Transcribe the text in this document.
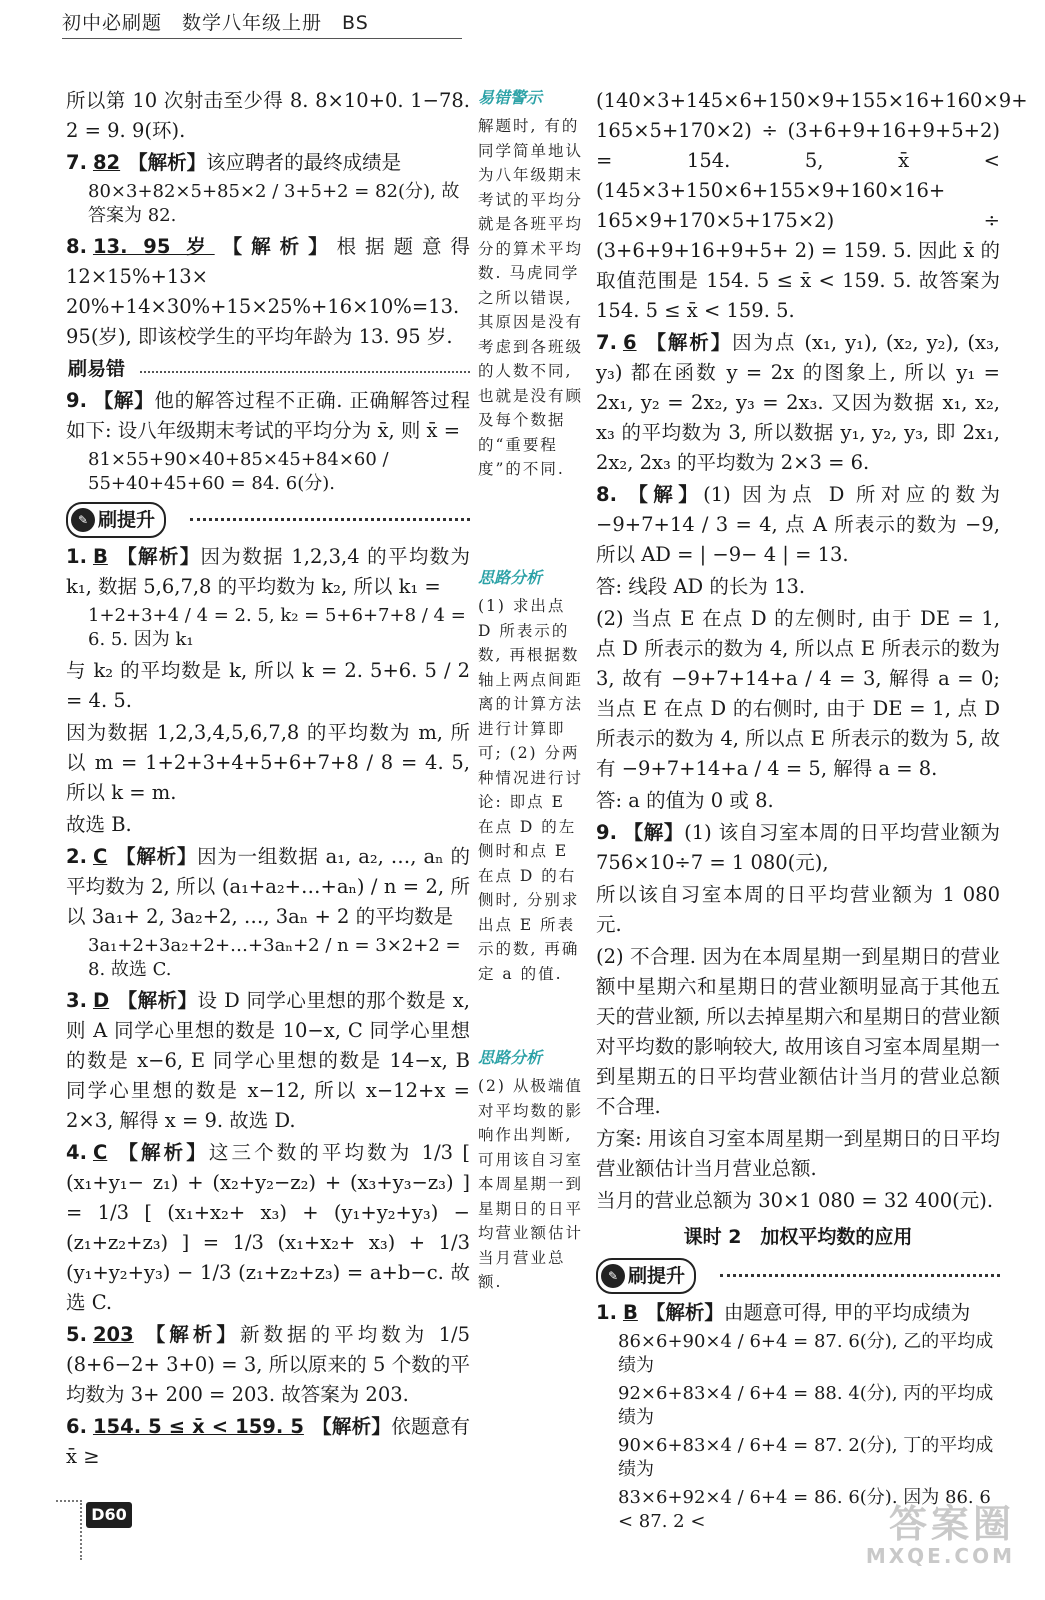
初中必刷题　数学八年级上册　BS
所以第 10 次射击至少得 8. 8×10+0. 1−78. 2 = 9. 9(环).
7. 82 【解析】该应聘者的最终成绩是
80×3+82×5+85×2 / 3+5+2 = 82(分), 故答案为 82.
8. 13. 95 岁 【解析】根据题意得 12×15%+13× 20%+14×30%+15×25%+16×10%=13. 95(岁), 即该校学生的平均年龄为 13. 95 岁.
刷易错
9. 【解】他的解答过程不正确. 正确解答过程如下: 设八年级期末考试的平均分为 x̄, 则 x̄ =
81×55+90×40+85×45+84×60 / 55+40+45+60 = 84. 6(分).
✎ 刷提升
1. B 【解析】因为数据 1,2,3,4 的平均数为 k₁, 数据 5,6,7,8 的平均数为 k₂, 所以 k₁ =
1+2+3+4 / 4 = 2. 5, k₂ = 5+6+7+8 / 4 = 6. 5. 因为 k₁
与 k₂ 的平均数是 k, 所以 k = 2. 5+6. 5 / 2 = 4. 5.
因为数据 1,2,3,4,5,6,7,8 的平均数为 m, 所以 m = 1+2+3+4+5+6+7+8 / 8 = 4. 5, 所以 k = m.
故选 B.
2. C 【解析】因为一组数据 a₁, a₂, …, aₙ 的平均数为 2, 所以 (a₁+a₂+…+aₙ) / n = 2, 所以 3a₁+ 2, 3a₂+2, …, 3aₙ + 2 的平均数是
3a₁+2+3a₂+2+…+3aₙ+2 / n = 3×2+2 = 8. 故选 C.
3. D 【解析】设 D 同学心里想的那个数是 x, 则 A 同学心里想的数是 10−x, C 同学心里想的数是 x−6, E 同学心里想的数是 14−x, B 同学心里想的数是 x−12, 所以 x−12+x = 2×3, 解得 x = 9. 故选 D.
4. C 【解析】这三个数的平均数为 1/3 [ (x₁+y₁− z₁) + (x₂+y₂−z₂) + (x₃+y₃−z₃) ] = 1/3 [ (x₁+x₂+ x₃) + (y₁+y₂+y₃) − (z₁+z₂+z₃) ] = 1/3 (x₁+x₂+ x₃) + 1/3 (y₁+y₂+y₃) − 1/3 (z₁+z₂+z₃) = a+b−c. 故选 C.
5. 203 【解析】新数据的平均数为 1/5 (8+6−2+ 3+0) = 3, 所以原来的 5 个数的平均数为 3+ 200 = 203. 故答案为 203.
6. 154. 5 ≤ x̄ < 159. 5 【解析】依题意有 x̄ ≥
易错警示
解题时, 有的同学简单地认为八年级期末考试的平均分就是各班平均分的算术平均数. 马虎同学之所以错误, 其原因是没有考虑到各班级的人数不同, 也就是没有顾及每个数据的“重要程度”的不同.
思路分析
(1) 求出点 D 所表示的数, 再根据数轴上两点间距离的计算方法进行计算即可; (2) 分两种情况进行讨论: 即点 E 在点 D 的左侧时和点 E 在点 D 的右侧时, 分别求出点 E 所表示的数, 再确定 a 的值.
思路分析
(2) 从极端值对平均数的影响作出判断, 可用该自习室本周星期一到星期日的日平均营业额估计当月营业总额.
(140×3+145×6+150×9+155×16+160×9+ 165×5+170×2) ÷ (3+6+9+16+9+5+2) = 154. 5, x̄ < (145×3+150×6+155×9+160×16+ 165×9+170×5+175×2) ÷ (3+6+9+16+9+5+ 2) = 159. 5. 因此 x̄ 的取值范围是 154. 5 ≤ x̄ < 159. 5. 故答案为 154. 5 ≤ x̄ < 159. 5.
7. 6 【解析】因为点 (x₁, y₁), (x₂, y₂), (x₃, y₃) 都在函数 y = 2x 的图象上, 所以 y₁ = 2x₁, y₂ = 2x₂, y₃ = 2x₃. 又因为数据 x₁, x₂, x₃ 的平均数为 3, 所以数据 y₁, y₂, y₃, 即 2x₁, 2x₂, 2x₃ 的平均数为 2×3 = 6.
8. 【解】(1) 因为点 D 所对应的数为 −9+7+14 / 3 = 4, 点 A 所表示的数为 −9, 所以 AD = | −9− 4 | = 13.
答: 线段 AD 的长为 13.
(2) 当点 E 在点 D 的左侧时, 由于 DE = 1, 点 D 所表示的数为 4, 所以点 E 所表示的数为 3, 故有 −9+7+14+a / 4 = 3, 解得 a = 0; 当点 E 在点 D 的右侧时, 由于 DE = 1, 点 D 所表示的数为 4, 所以点 E 所表示的数为 5, 故有 −9+7+14+a / 4 = 5, 解得 a = 8.
答: a 的值为 0 或 8.
9. 【解】(1) 该自习室本周的日平均营业额为 756×10÷7 = 1 080(元),
所以该自习室本周的日平均营业额为 1 080 元.
(2) 不合理. 因为在本周星期一到星期日的营业额中星期六和星期日的营业额明显高于其他五天的营业额, 所以去掉星期六和星期日的营业额对平均数的影响较大, 故用该自习室本周星期一到星期五的日平均营业额估计当月的营业总额不合理.
方案: 用该自习室本周星期一到星期日的日平均营业额估计当月营业总额.
当月的营业总额为 30×1 080 = 32 400(元).
课时 2　加权平均数的应用
✎ 刷提升
1. B 【解析】由题意可得, 甲的平均成绩为
86×6+90×4 / 6+4 = 87. 6(分), 乙的平均成绩为
92×6+83×4 / 6+4 = 88. 4(分), 丙的平均成绩为
90×6+83×4 / 6+4 = 87. 2(分), 丁的平均成绩为
83×6+92×4 / 6+4 = 86. 6(分). 因为 86. 6 < 87. 2 <
D60	答案圈
MXQE.COM
